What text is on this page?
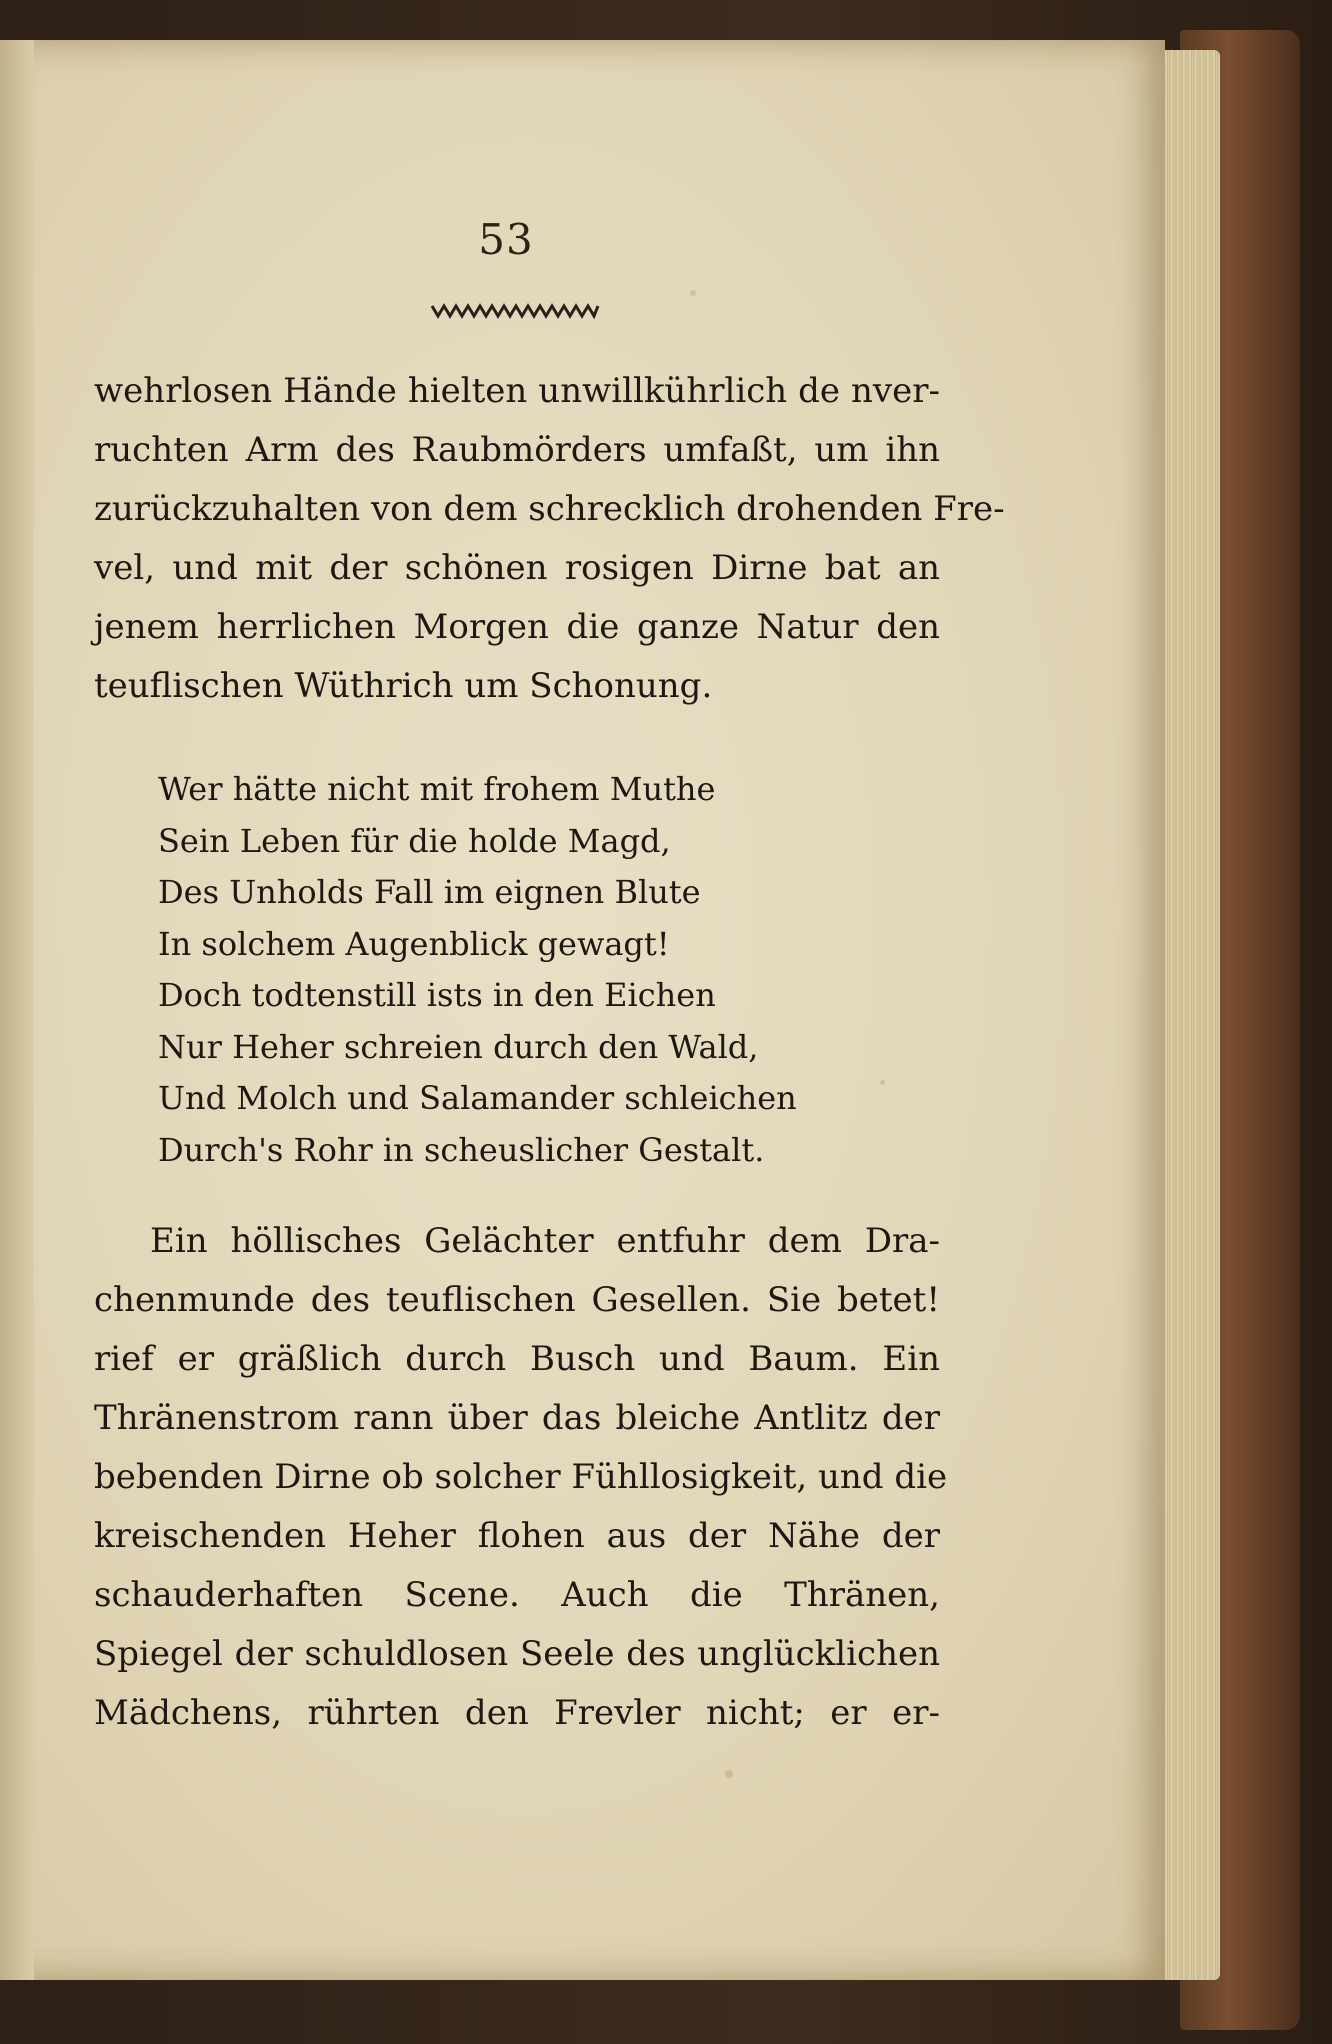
53
wehrlosen Hände hielten unwillkührlich de nver-
ruchten Arm des Raubmörders umfaßt, um ihn
zurückzuhalten von dem schrecklich drohenden Fre-
vel, und mit der schönen rosigen Dirne bat an
jenem herrlichen Morgen die ganze Natur den
teuflischen Wüthrich um Schonung.
Wer hätte nicht mit frohem Muthe
Sein Leben für die holde Magd,
Des Unholds Fall im eignen Blute
In solchem Augenblick gewagt!
Doch todtenstill ists in den Eichen
Nur Heher schreien durch den Wald,
Und Molch und Salamander schleichen
Durch's Rohr in scheuslicher Gestalt.
Ein höllisches Gelächter entfuhr dem Dra-
chenmunde des teuflischen Gesellen. Sie betet!
rief er gräßlich durch Busch und Baum. Ein
Thränenstrom rann über das bleiche Antlitz der
bebenden Dirne ob solcher Fühllosigkeit, und die
kreischenden Heher flohen aus der Nähe der
schauderhaften Scene. Auch die Thränen,
Spiegel der schuldlosen Seele des unglücklichen
Mädchens, rührten den Frevler nicht; er er-
